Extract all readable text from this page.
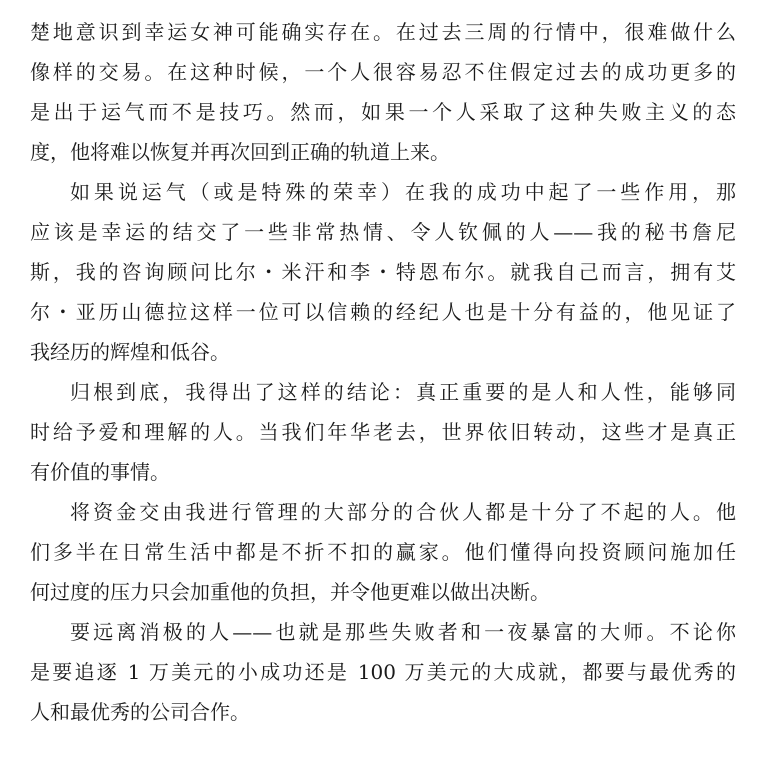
楚地意识到幸运女神可能确实存在。在过去三周的行情中，很难做什么
像样的交易。在这种时候，一个人很容易忍不住假定过去的成功更多的
是出于运气而不是技巧。然而，如果一个人采取了这种失败主义的态
度，他将难以恢复并再次回到正确的轨道上来。
如果说运气（或是特殊的荣幸）在我的成功中起了一些作用，那
应该是幸运的结交了一些非常热情、令人钦佩的人——我的秘书詹尼
斯，我的咨询顾问比尔・米汗和李・特恩布尔。就我自己而言，拥有艾
尔・亚历山德拉这样一位可以信赖的经纪人也是十分有益的，他见证了
我经历的辉煌和低谷。
归根到底，我得出了这样的结论：真正重要的是人和人性，能够同
时给予爱和理解的人。当我们年华老去，世界依旧转动，这些才是真正
有价值的事情。
将资金交由我进行管理的大部分的合伙人都是十分了不起的人。他
们多半在日常生活中都是不折不扣的赢家。他们懂得向投资顾问施加任
何过度的压力只会加重他的负担，并令他更难以做出决断。
要远离消极的人——也就是那些失败者和一夜暴富的大师。不论你
是要追逐 1 万美元的小成功还是 100 万美元的大成就，都要与最优秀的
人和最优秀的公司合作。
